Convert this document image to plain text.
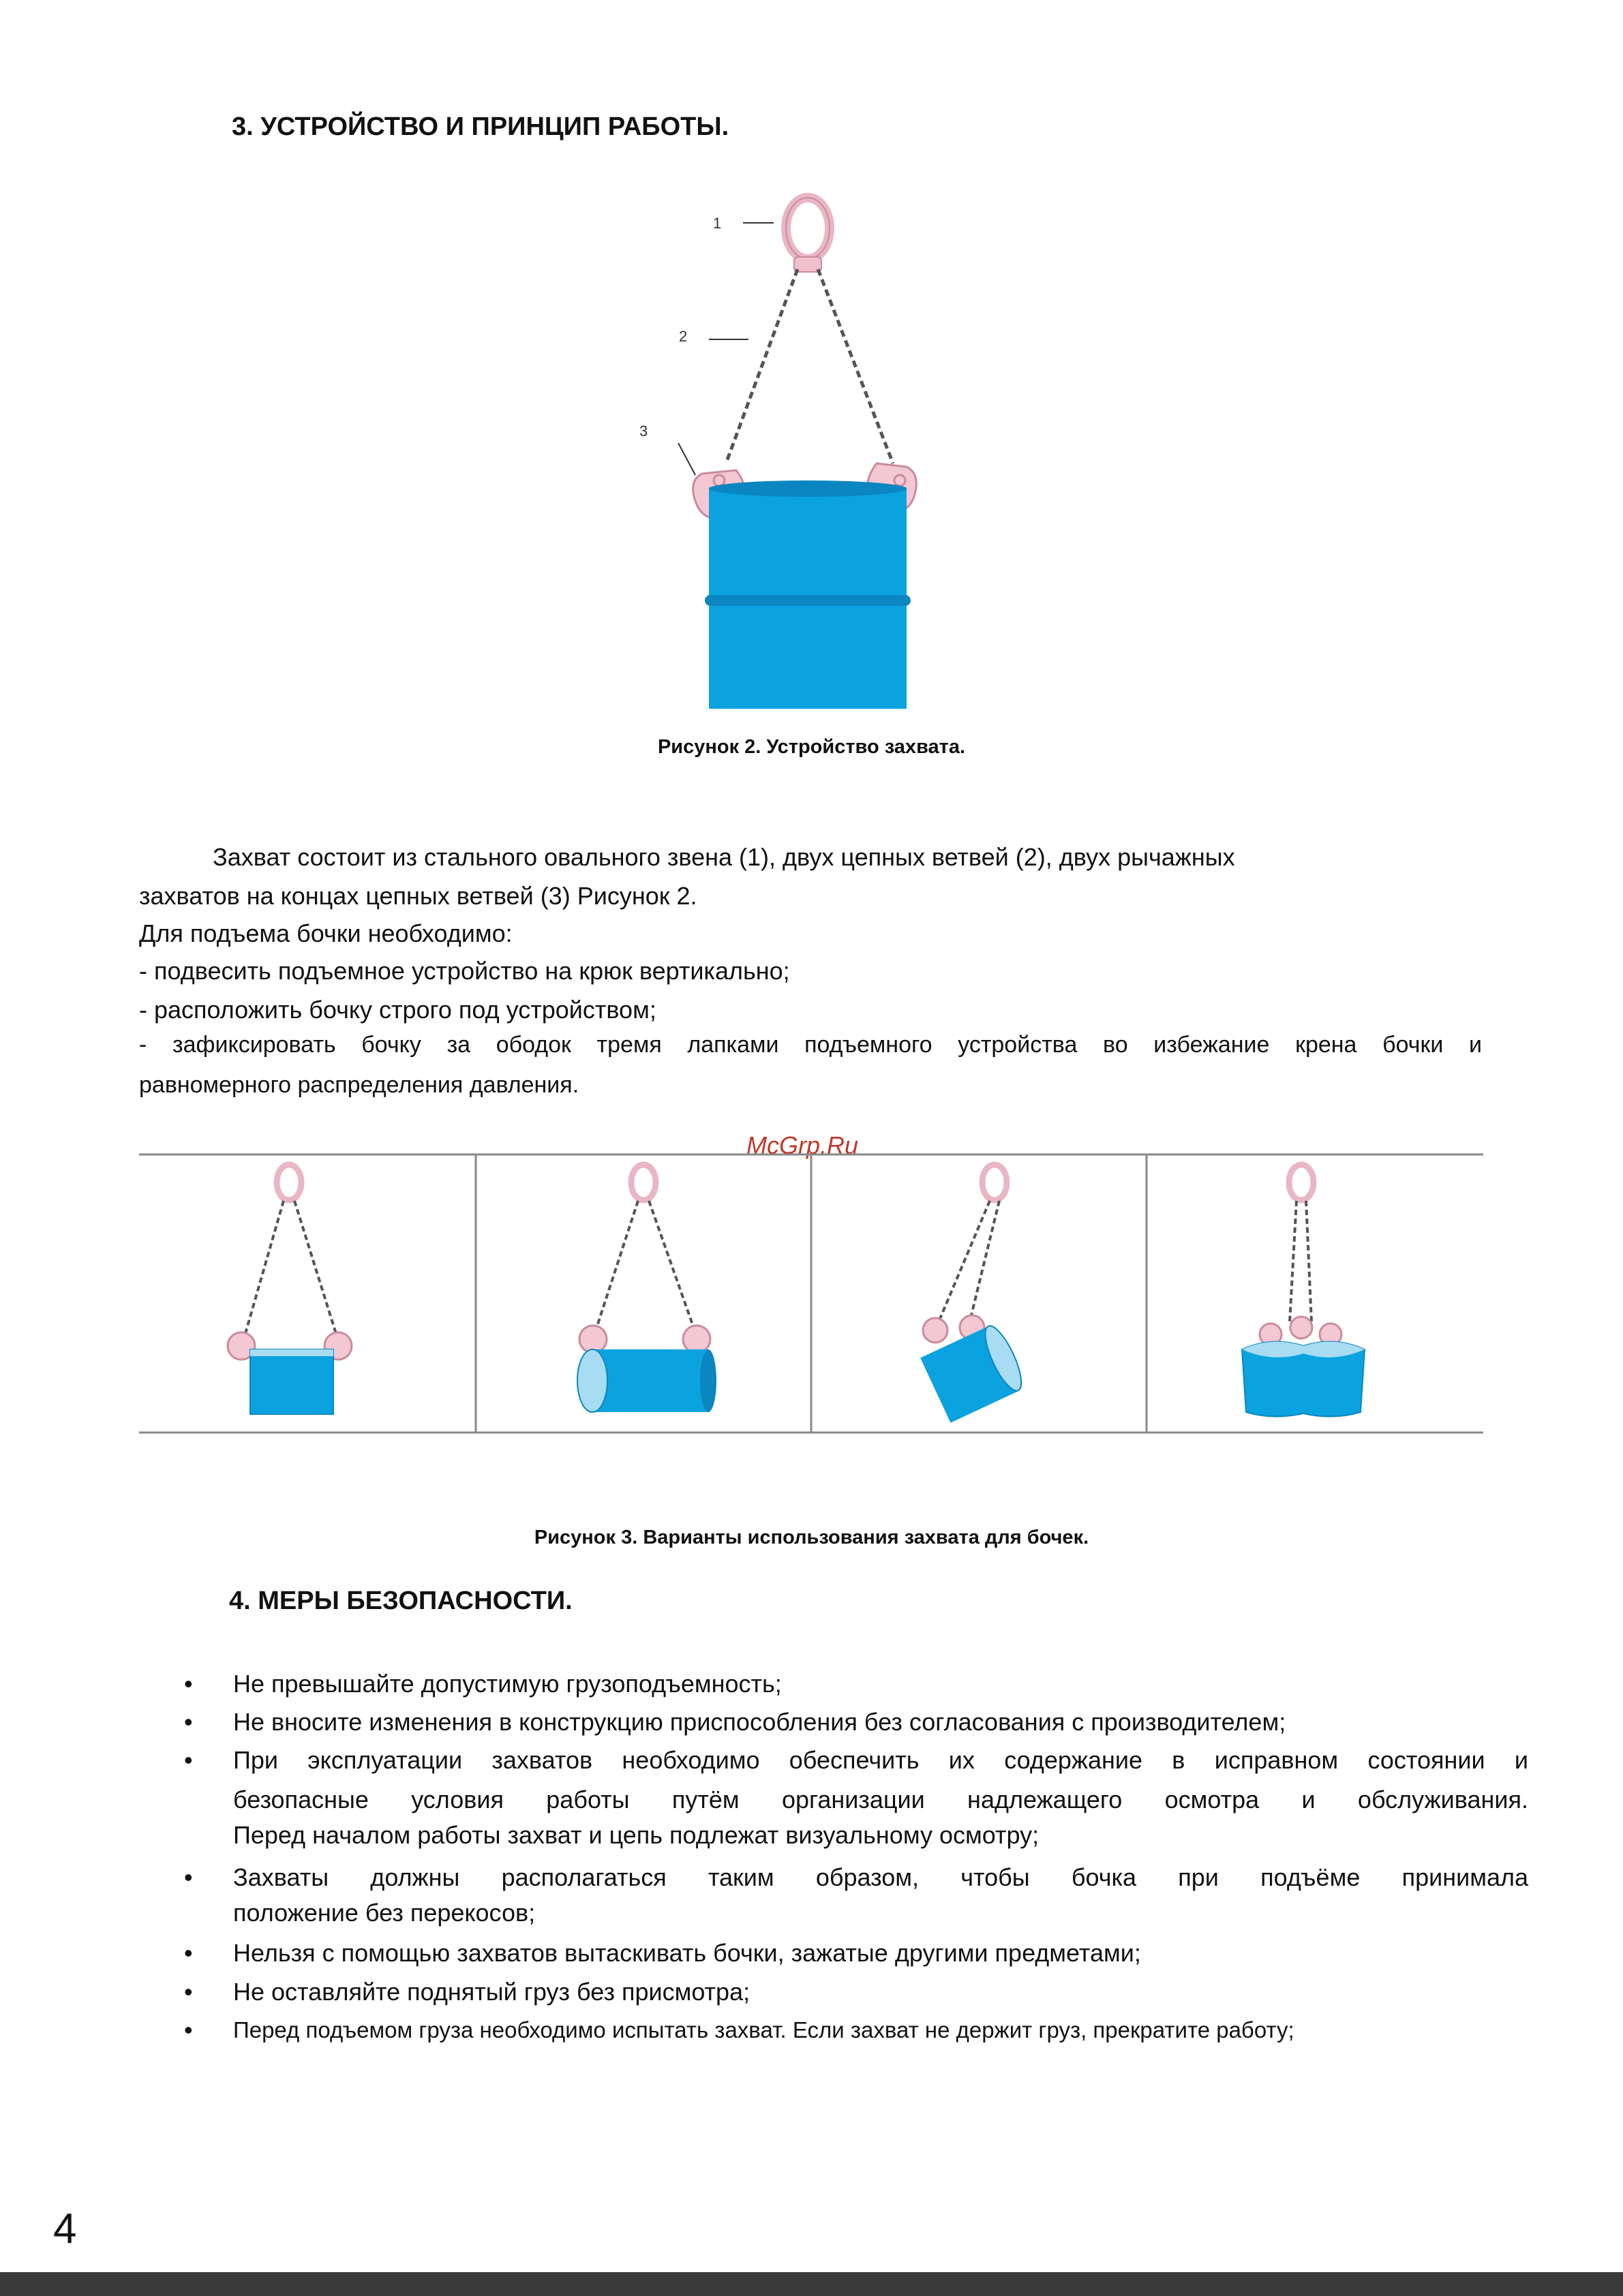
3. УСТРОЙСТВО И ПРИНЦИП РАБОТЫ.
1
2
3
Рисунок 2. Устройство захвата.
Захват состоит из стального овального звена (1), двух цепных ветвей (2), двух рычажных
захватов на концах цепных ветвей (3) Рисунок 2.
Для подъема бочки необходимо:
- подвесить подъемное устройство на крюк вертикально;
- расположить бочку строго под устройством;
- зафиксировать бочку за ободок тремя лапками подъемного устройства во избежание крена бочки и
равномерного распределения давления.
McGrp.Ru
Рисунок 3. Варианты использования захвата для бочек.
4. МЕРЫ БЕЗОПАСНОСТИ.
• Не превышайте допустимую грузоподъемность;
• Не вносите изменения в конструкцию приспособления без согласования с производителем;
• При эксплуатации захватов необходимо обеспечить их содержание в исправном состоянии и
безопасные условия работы путём организации надлежащего осмотра и обслуживания.
Перед началом работы захват и цепь подлежат визуальному осмотру;
• Захваты должны располагаться таким образом, чтобы бочка при подъёме принимала
положение без перекосов;
• Нельзя с помощью захватов вытаскивать бочки, зажатые другими предметами;
• Не оставляйте поднятый груз без присмотра;
• Перед подъемом груза необходимо испытать захват. Если захват не держит груз, прекратите работу;
4
